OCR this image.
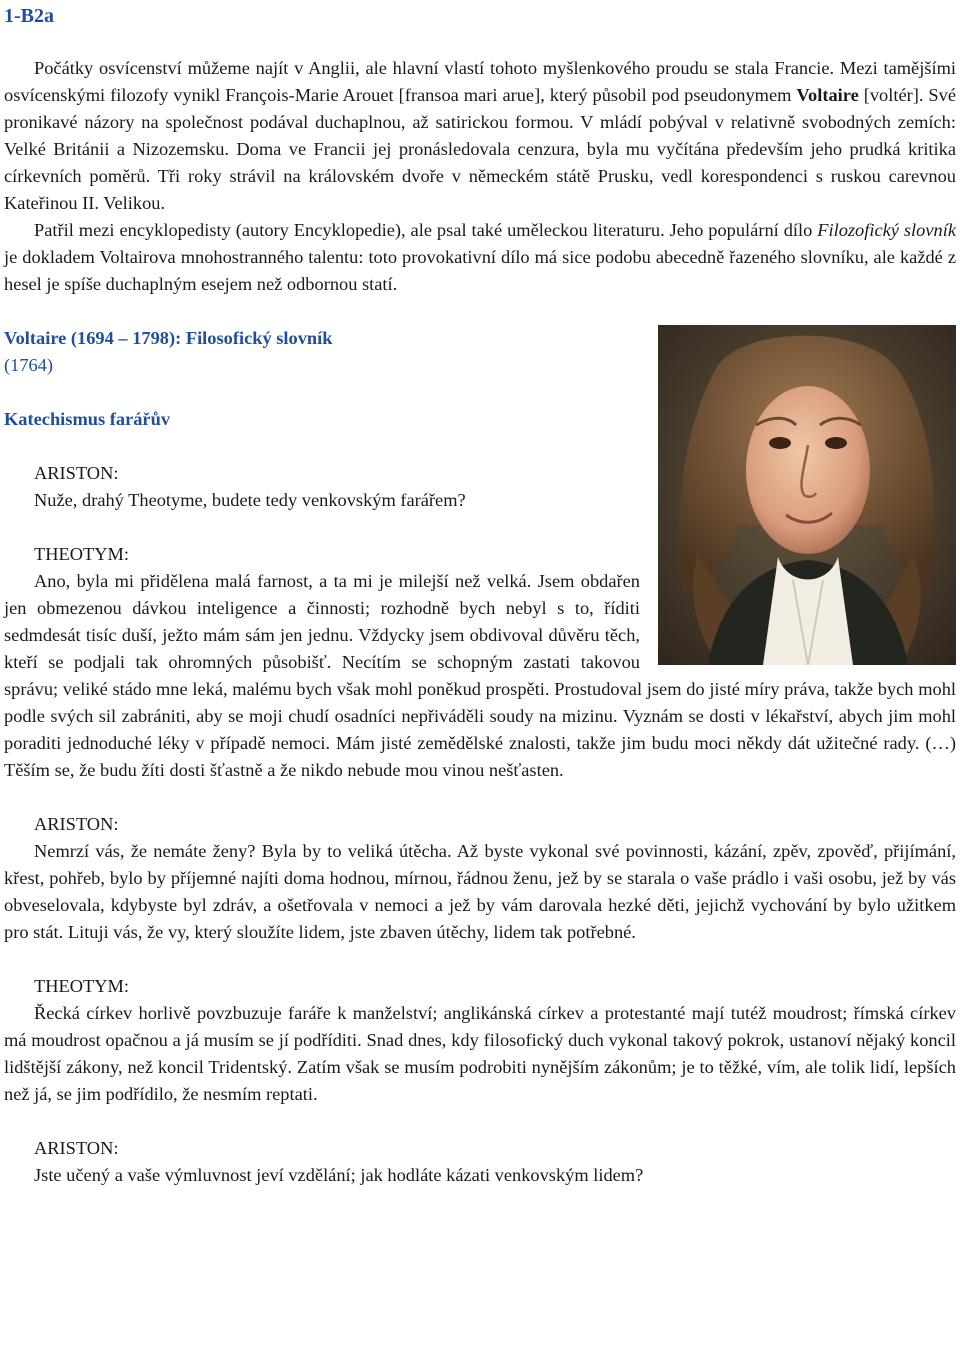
1-B2a

Počátky osvícenství můžeme najít v Anglii, ale hlavní vlastí tohoto myšlenkového proudu se stala Francie. Mezi tamějšími osvícenskými filozofy vynikl François-Marie Arouet [fransoa mari arue], který působil pod pseudonymem Voltaire [voltér]. Své pronikavé názory na společnost podával duchaplnou, až satirickou formou. V mládí pobýval v relativně svobodných zemích: Velké Británii a Nizozemsku. Doma ve Francii jej pronásledovala cenzura, byla mu vyčítána především jeho prudká kritika církevních poměrů. Tři roky strávil na královském dvoře v německém státě Prusku, vedl korespondenci s ruskou carevnou Kateřinou II. Velikou.

Patřil mezi encyklopedisty (autory Encyklopedie), ale psal také uměleckou literaturu. Jeho populární dílo Filozofický slovník je dokladem Voltairova mnohostranného talentu: toto provokativní dílo má sice podobu abecedně řazeného slovníku, ale každé z hesel je spíše duchaplným esejem než odbornou statí.

Voltaire (1694 – 1798): Filosofický slovník

(1764)

Katechismus farářův

ARISTON:

Nuže, drahý Theotyme, budete tedy venkovským farářem?

THEOTYM:

Ano, byla mi přidělena malá farnost, a ta mi je milejší než velká. Jsem obdařen jen obmezenou dávkou inteligence a činnosti; rozhodně bych nebyl s to, říditi sedmdesát tisíc duší, ježto mám sám jen jednu. Vždycky jsem obdivoval důvěru těch, kteří se podjali tak ohromných působišť. Necítím se schopným zastati takovou správu; veliké stádo mne leká, malému bych však mohl poněkud prospěti. Prostudoval jsem do jisté míry práva, takže bych mohl podle svých sil zabrániti, aby se moji chudí osadníci nepřiváděli soudy na mizinu. Vyznám se dosti v lékařství, abych jim mohl poraditi jednoduché léky v případě nemoci. Mám jisté zemědělské znalosti, takže jim budu moci někdy dát užitečné rady. (…) Těším se, že budu žíti dosti šťastně a že nikdo nebude mou vinou nešťasten.

ARISTON:

Nemrzí vás, že nemáte ženy? Byla by to veliká útěcha. Až byste vykonal své povinnosti, kázání, zpěv, zpověď, přijímání, křest, pohřeb, bylo by příjemné najíti doma hodnou, mírnou, řádnou ženu, jež by se starala o vaše prádlo i vaši osobu, jež by vás obveselovala, kdybyste byl zdráv, a ošetřovala v nemoci a jež by vám darovala hezké děti, jejichž vychování by bylo užitkem pro stát. Lituji vás, že vy, který sloužíte lidem, jste zbaven útěchy, lidem tak potřebné.

THEOTYM:

Řecká církev horlivě povzbuzuje faráře k manželství; anglikánská církev a protestanté mají tutéž moudrost; římská církev má moudrost opačnou a já musím se jí podříditi. Snad dnes, kdy filosofický duch vykonal takový pokrok, ustanoví nějaký koncil lidštější zákony, než koncil Tridentský. Zatím však se musím podrobiti nynějším zákonům; je to těžké, vím, ale tolik lidí, lepších než já, se jim podřídilo, že nesmím reptati.

ARISTON:

Jste učený a vaše výmluvnost jeví vzdělání; jak hodláte kázati venkovským lidem?
